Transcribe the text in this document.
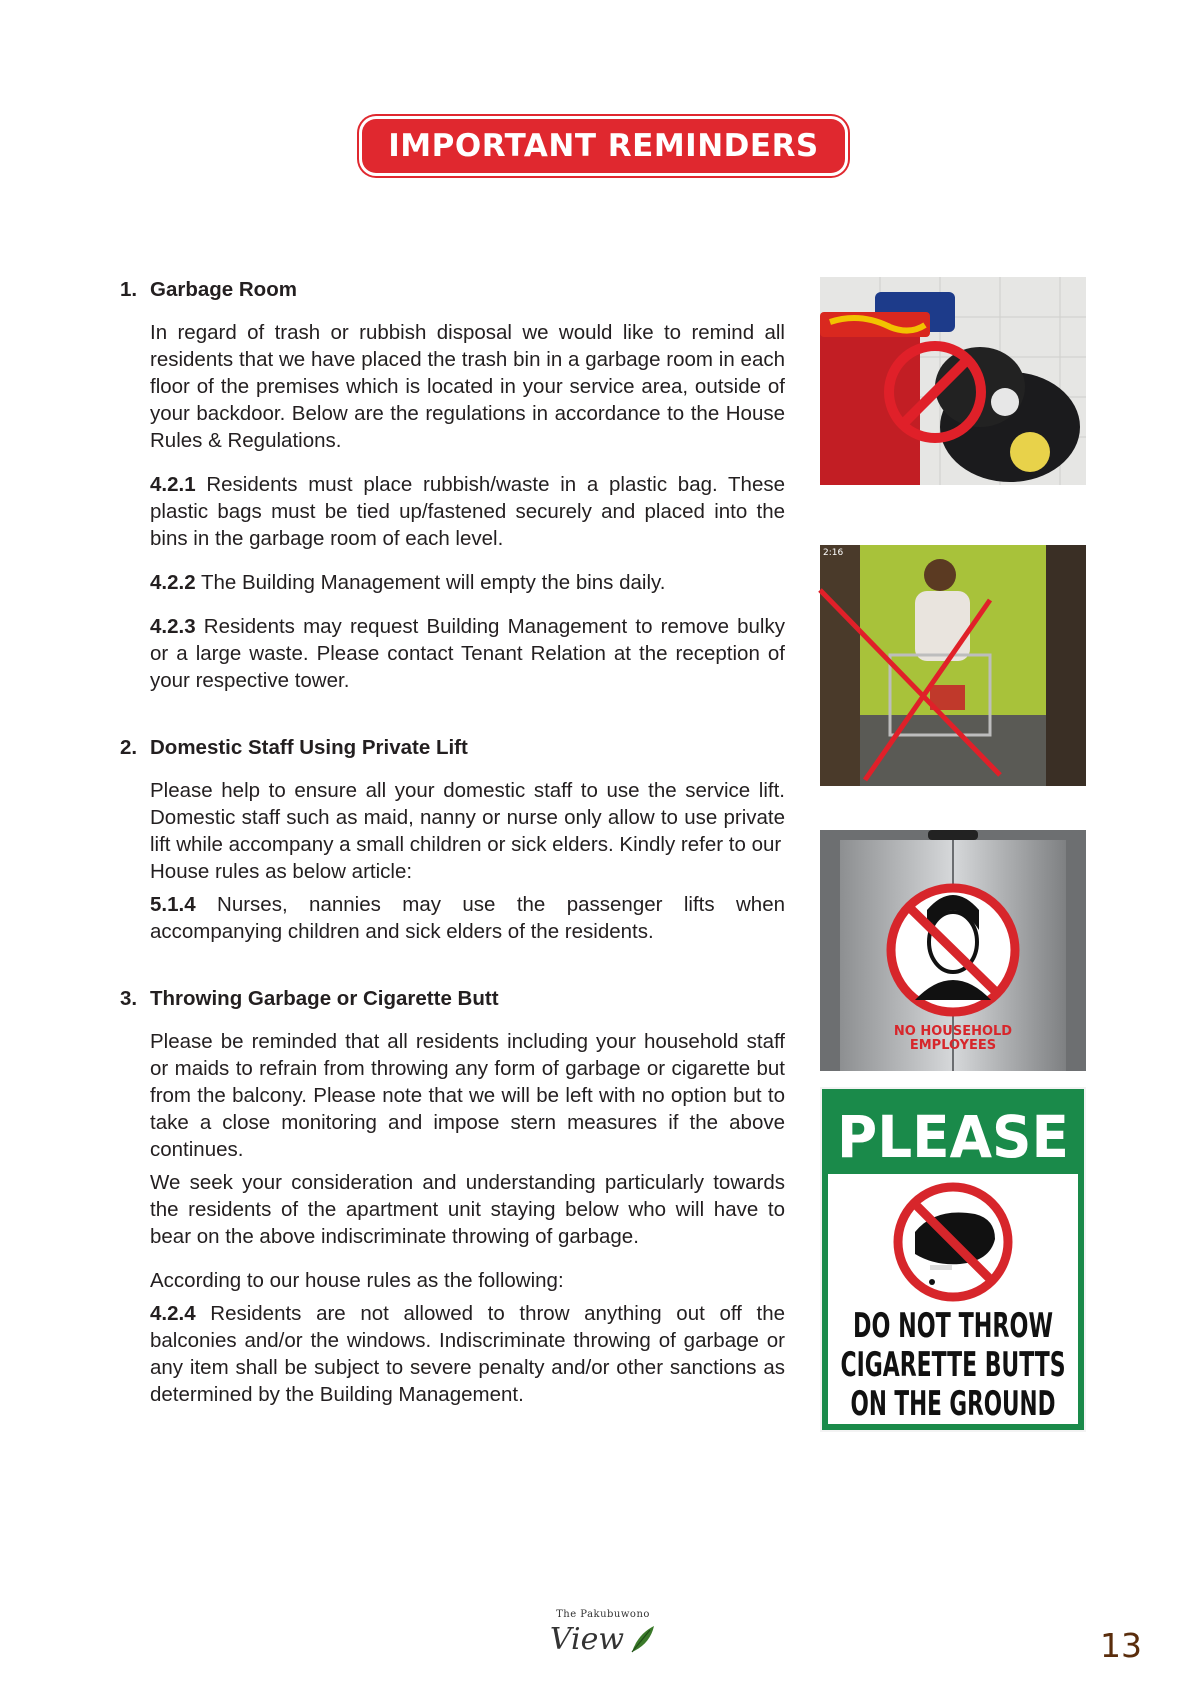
IMPORTANT REMINDERS
1. Garbage Room

In regard of trash or rubbish disposal we would like to remind all residents that we have placed the trash bin in a garbage room in each floor of the premises which is located in your service area, outside of your backdoor. Below are the regulations in accordance to the House Rules & Regulations.

4.2.1 Residents must place rubbish/waste in a plastic bag. These plastic bags must be tied up/fastened securely and placed into the bins in the garbage room of each level.

4.2.2 The Building Management will empty the bins daily.

4.2.3 Residents may request Building Management to remove bulky or a large waste. Please contact Tenant Relation at the reception of your respective tower.

2. Domestic Staff Using Private Lift

Please help to ensure all your domestic staff to use the service lift. Domestic staff such as maid, nanny or nurse only allow to use private lift while accompany a small children or sick elders. Kindly refer to our

House rules as below article:

5.1.4 Nurses, nannies may use the passenger lifts when accompanying children and sick elders of the residents.

3. Throwing Garbage or Cigarette Butt

Please be reminded that all residents including your household staff or maids to refrain from throwing any form of garbage or cigarette but from the balcony. Please note that we will be left with no option but to take a close monitoring and impose stern measures if the above continues.

We seek your consideration and understanding particularly towards the residents of the apartment unit staying below who will have to bear on the above indiscriminate throwing of garbage.

According to our house rules as the following:

4.2.4 Residents are not allowed to throw anything out off the balconies and/or the windows. Indiscriminate throwing of garbage or any item shall be subject to severe penalty and/or other sanctions as determined by the Building Management.

2:16
NO HOUSEHOLD
EMPLOYEES
PLEASE
DO NOT THROW
CIGARETTE BUTTS
ON THE GROUND
The Pakubuwono
View	13
